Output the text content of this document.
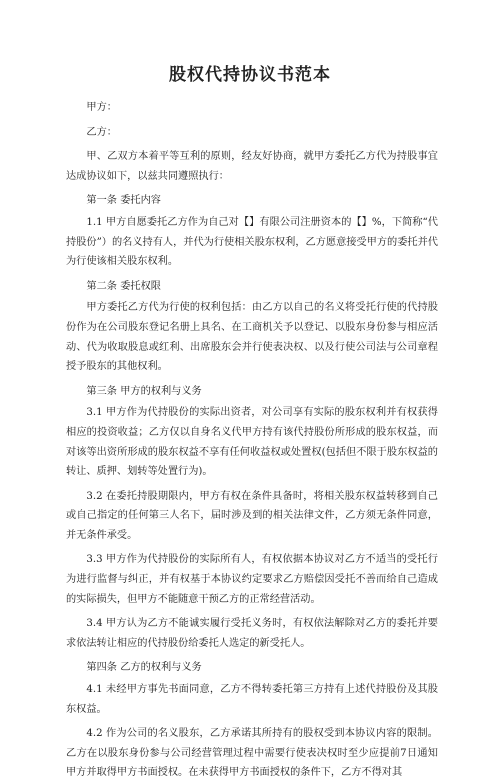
股权代持协议书范本

甲方：

乙方：

甲、乙双方本着平等互利的原则，经友好协商，就甲方委托乙方代为持股事宜达成协议如下，以兹共同遵照执行：

第一条 委托内容

1.1 甲方自愿委托乙方作为自己对【】有限公司注册资本的【】%，下简称“代持股份”）的名义持有人，并代为行使相关股东权利，乙方愿意接受甲方的委托并代为行使该相关股东权利。

第二条 委托权限

甲方委托乙方代为行使的权利包括：由乙方以自己的名义将受托行使的代持股份作为在公司股东登记名册上具名、在工商机关予以登记、以股东身份参与相应活动、代为收取股息或红利、出席股东会并行使表决权、以及行使公司法与公司章程授予股东的其他权利。

第三条 甲方的权利与义务

3.1 甲方作为代持股份的实际出资者，对公司享有实际的股东权利并有权获得相应的投资收益；乙方仅以自身名义代甲方持有该代持股份所形成的股东权益，而对该等出资所形成的股东权益不享有任何收益权或处置权(包括但不限于股东权益的转让、质押、划转等处置行为)。

3.2 在委托持股期限内，甲方有权在条件具备时，将相关股东权益转移到自己或自己指定的任何第三人名下，届时涉及到的相关法律文件，乙方须无条件同意，并无条件承受。

3.3 甲方作为代持股份的实际所有人，有权依据本协议对乙方不适当的受托行为进行监督与纠正，并有权基于本协议约定要求乙方赔偿因受托不善而给自己造成的实际损失，但甲方不能随意干预乙方的正常经营活动。

3.4 甲方认为乙方不能诚实履行受托义务时，有权依法解除对乙方的委托并要求依法转让相应的代持股份给委托人选定的新受托人。

第四条 乙方的权利与义务

4.1 未经甲方事先书面同意，乙方不得转委托第三方持有上述代持股份及其股东权益。

4.2 作为公司的名义股东，乙方承诺其所持有的股权受到本协议内容的限制。乙方在以股东身份参与公司经营管理过程中需要行使表决权时至少应提前7日通知甲方并取得甲方书面授权。在未获得甲方书面授权的条件下，乙方不得对其
